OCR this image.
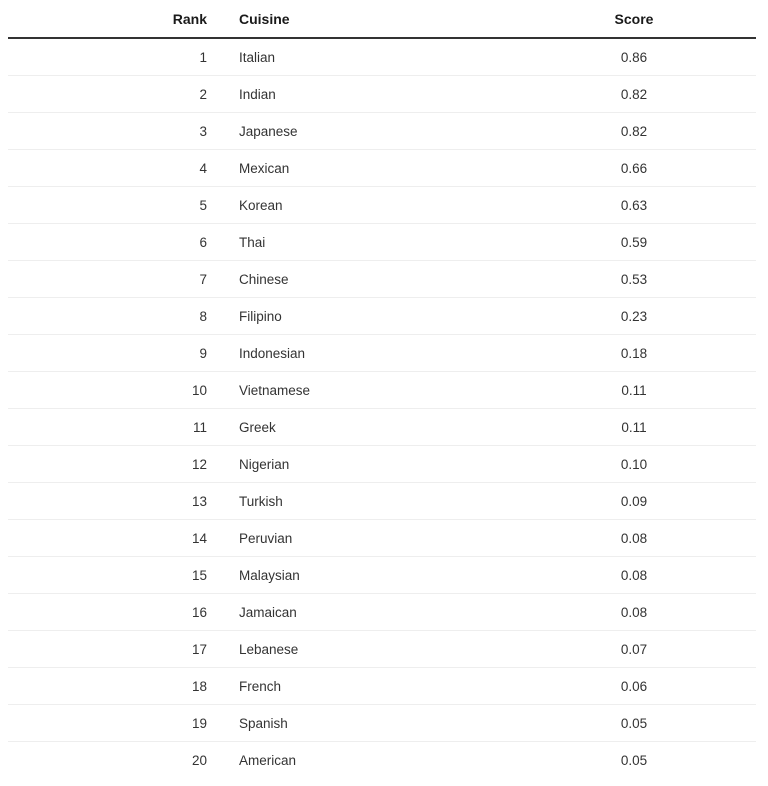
Rank	Cuisine	Score
1	Italian	0.86
2	Indian	0.82
3	Japanese	0.82
4	Mexican	0.66
5	Korean	0.63
6	Thai	0.59
7	Chinese	0.53
8	Filipino	0.23
9	Indonesian	0.18
10	Vietnamese	0.11
11	Greek	0.11
12	Nigerian	0.10
13	Turkish	0.09
14	Peruvian	0.08
15	Malaysian	0.08
16	Jamaican	0.08
17	Lebanese	0.07
18	French	0.06
19	Spanish	0.05
20	American	0.05
